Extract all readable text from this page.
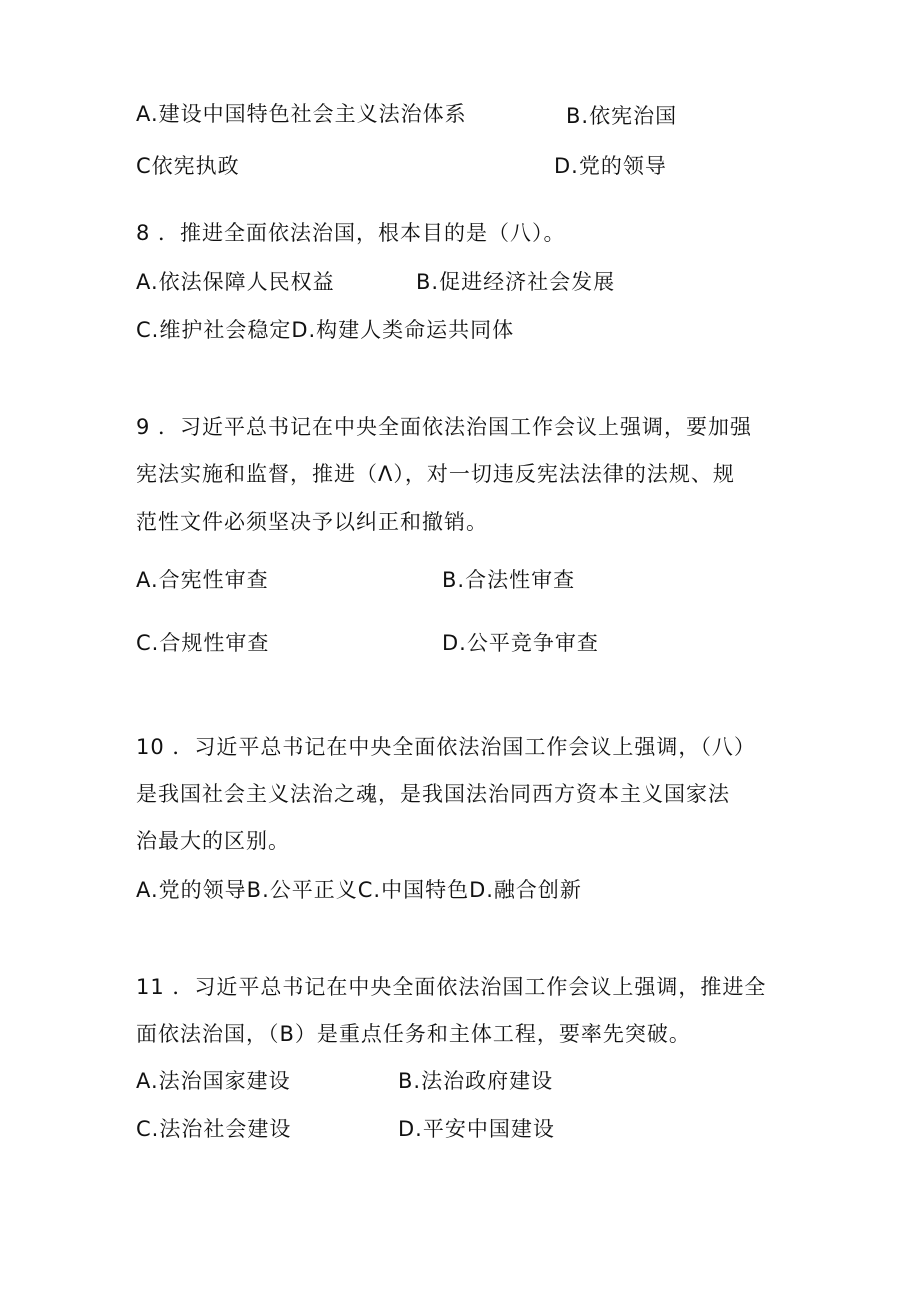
A.建设中国特色社会主义法治体系	B.依宪治国
C依宪执政	D.党的领导
8 ．推进全面依法治国，根本目的是（八）。
A.依法保障人民权益	B.促进经济社会发展
C.维护社会稳定D.构建人类命运共同体
9 ．习近平总书记在中央全面依法治国工作会议上强调，要加强
宪法实施和监督，推进（Λ），对一切违反宪法法律的法规、规
范性文件必须坚决予以纠正和撤销。
A.合宪性审查	B.合法性审查
C.合规性审查	D.公平竞争审查
10 ．习近平总书记在中央全面依法治国工作会议上强调，（八）
是我国社会主义法治之魂，是我国法治同西方资本主义国家法
治最大的区别。
A.党的领导B.公平正义C.中国特色D.融合创新
11 ．习近平总书记在中央全面依法治国工作会议上强调，推进全
面依法治国，（B）是重点任务和主体工程，要率先突破。
A.法治国家建设	B.法治政府建设
C.法治社会建设	D.平安中国建设
